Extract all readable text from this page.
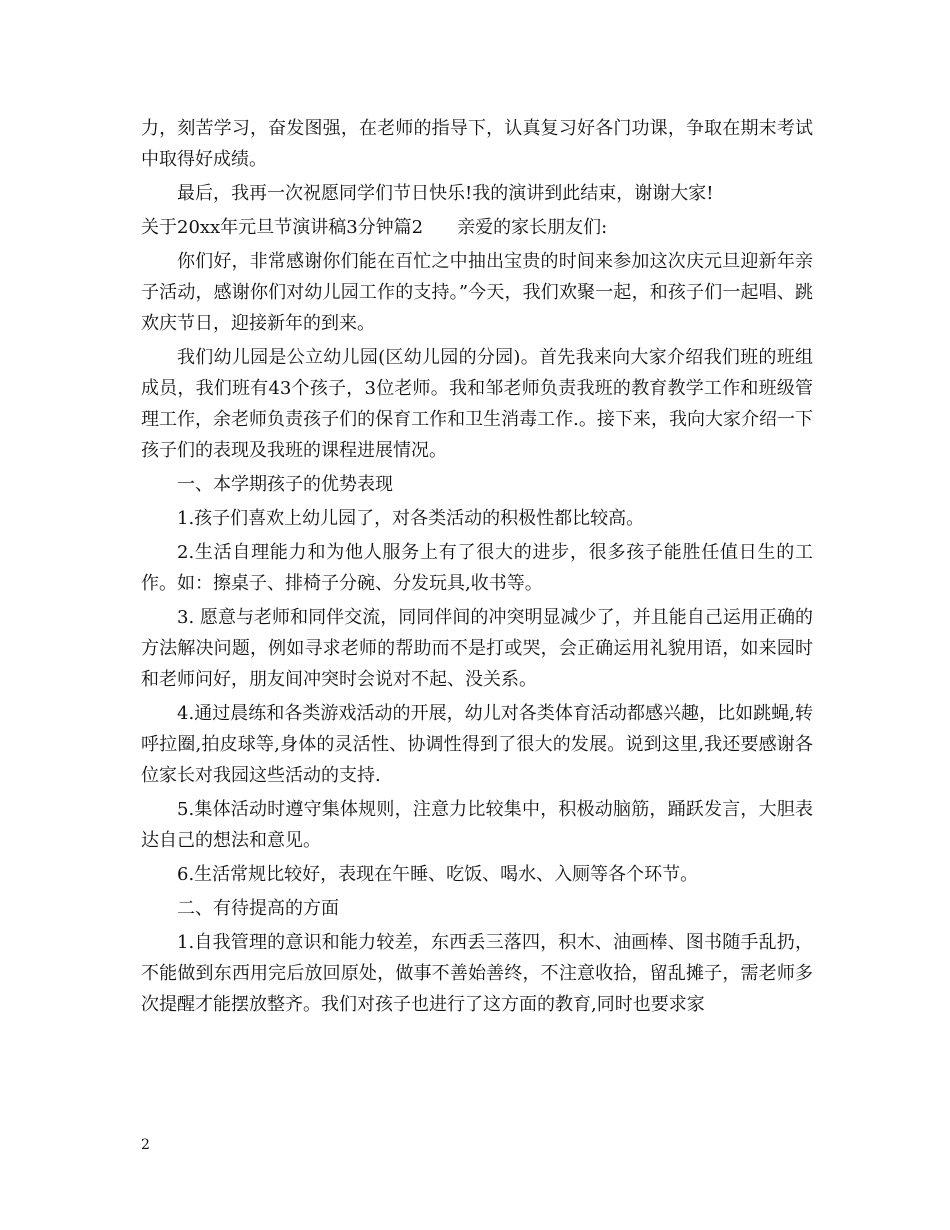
力，刻苦学习，奋发图强，在老师的指导下，认真复习好各门功课，争取在期末考试中取得好成绩。

最后，我再一次祝愿同学们节日快乐!我的演讲到此结束，谢谢大家!

关于20xx年元旦节演讲稿3分钟篇2 亲爱的家长朋友们:

你们好，非常感谢你们能在百忙之中抽出宝贵的时间来参加这次庆元旦迎新年亲子活动，感谢你们对幼儿园工作的支持。”今天，我们欢聚一起，和孩子们一起唱、跳欢庆节日，迎接新年的到来。

我们幼儿园是公立幼儿园(区幼儿园的分园)。首先我来向大家介绍我们班的班组成员，我们班有43个孩子，3位老师。我和邹老师负责我班的教育教学工作和班级管理工作，余老师负责孩子们的保育工作和卫生消毒工作.。接下来，我向大家介绍一下孩子们的表现及我班的课程进展情况。

一、本学期孩子的优势表现

1.孩子们喜欢上幼儿园了，对各类活动的积极性都比较高。

2.生活自理能力和为他人服务上有了很大的进步，很多孩子能胜任值日生的工作。如：擦桌子、排椅子分碗、分发玩具,收书等。

3. 愿意与老师和同伴交流，同同伴间的冲突明显减少了，并且能自己运用正确的方法解决问题，例如寻求老师的帮助而不是打或哭，会正确运用礼貌用语，如来园时和老师问好，朋友间冲突时会说对不起、没关系。

4.通过晨练和各类游戏活动的开展，幼儿对各类体育活动都感兴趣，比如跳蝇,转呼拉圈,拍皮球等,身体的灵活性、协调性得到了很大的发展。说到这里,我还要感谢各位家长对我园这些活动的支持.

5.集体活动时遵守集体规则，注意力比较集中，积极动脑筋，踊跃发言，大胆表达自己的想法和意见。

6.生活常规比较好，表现在午睡、吃饭、喝水、入厕等各个环节。

二、有待提高的方面

1.自我管理的意识和能力较差，东西丢三落四，积木、油画棒、图书随手乱扔，不能做到东西用完后放回原处，做事不善始善终，不注意收拾，留乱摊子，需老师多次提醒才能摆放整齐。我们对孩子也进行了这方面的教育,同时也要求家

2
